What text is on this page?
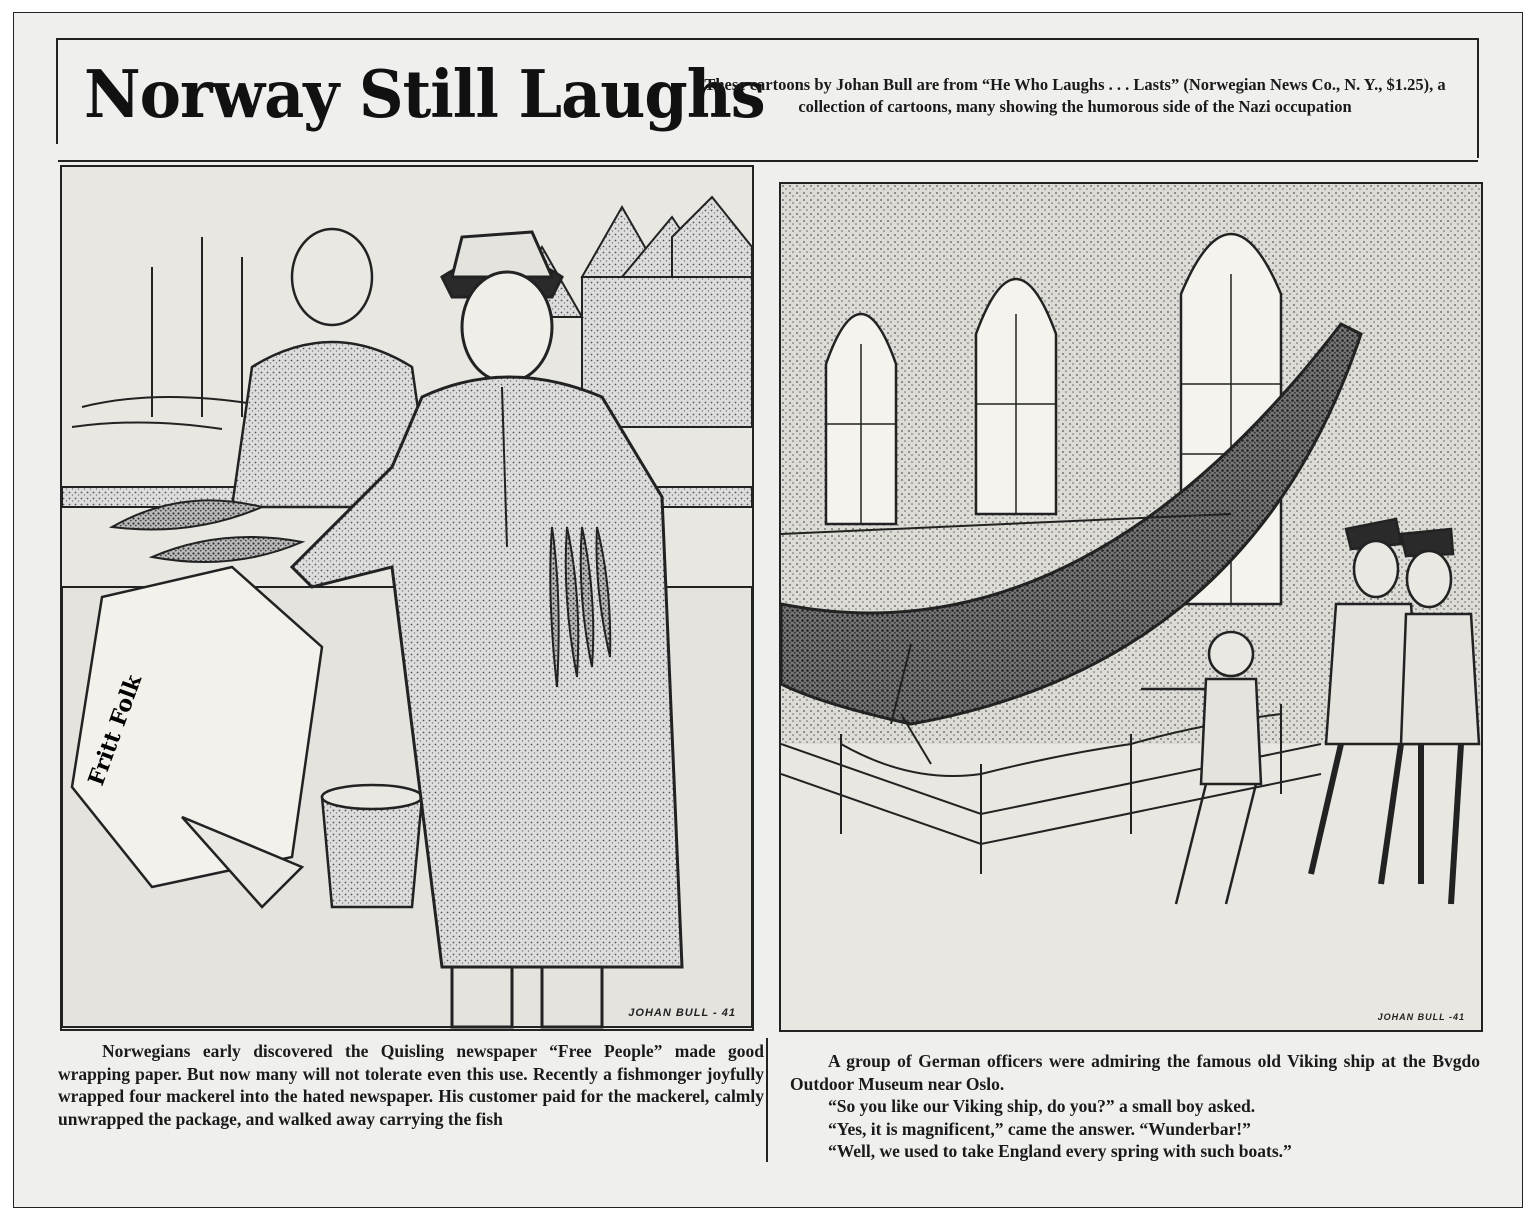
Norway Still Laughs
These cartoons by Johan Bull are from “He Who Laughs . . . Lasts” (Norwegian News Co., N. Y., $1.25), a collection of cartoons, many showing the humorous side of the Nazi occupation
Fritt Folk
JOHAN BULL - 41	JOHAN BULL -41
Norwegians early discovered the Quisling newspaper “Free People” made good wrapping paper. But now many will not tolerate even this use. Recently a fishmonger joyfully wrapped four mackerel into the hated newspaper. His customer paid for the mackerel, calmly unwrapped the package, and walked away carrying the fish

A group of German officers were admiring the famous old Viking ship at the Bvgdo Outdoor Museum near Oslo.

“So you like our Viking ship, do you?” a small boy asked.

“Yes, it is magnificent,” came the answer. “Wunderbar!”

“Well, we used to take England every spring with such boats.”
